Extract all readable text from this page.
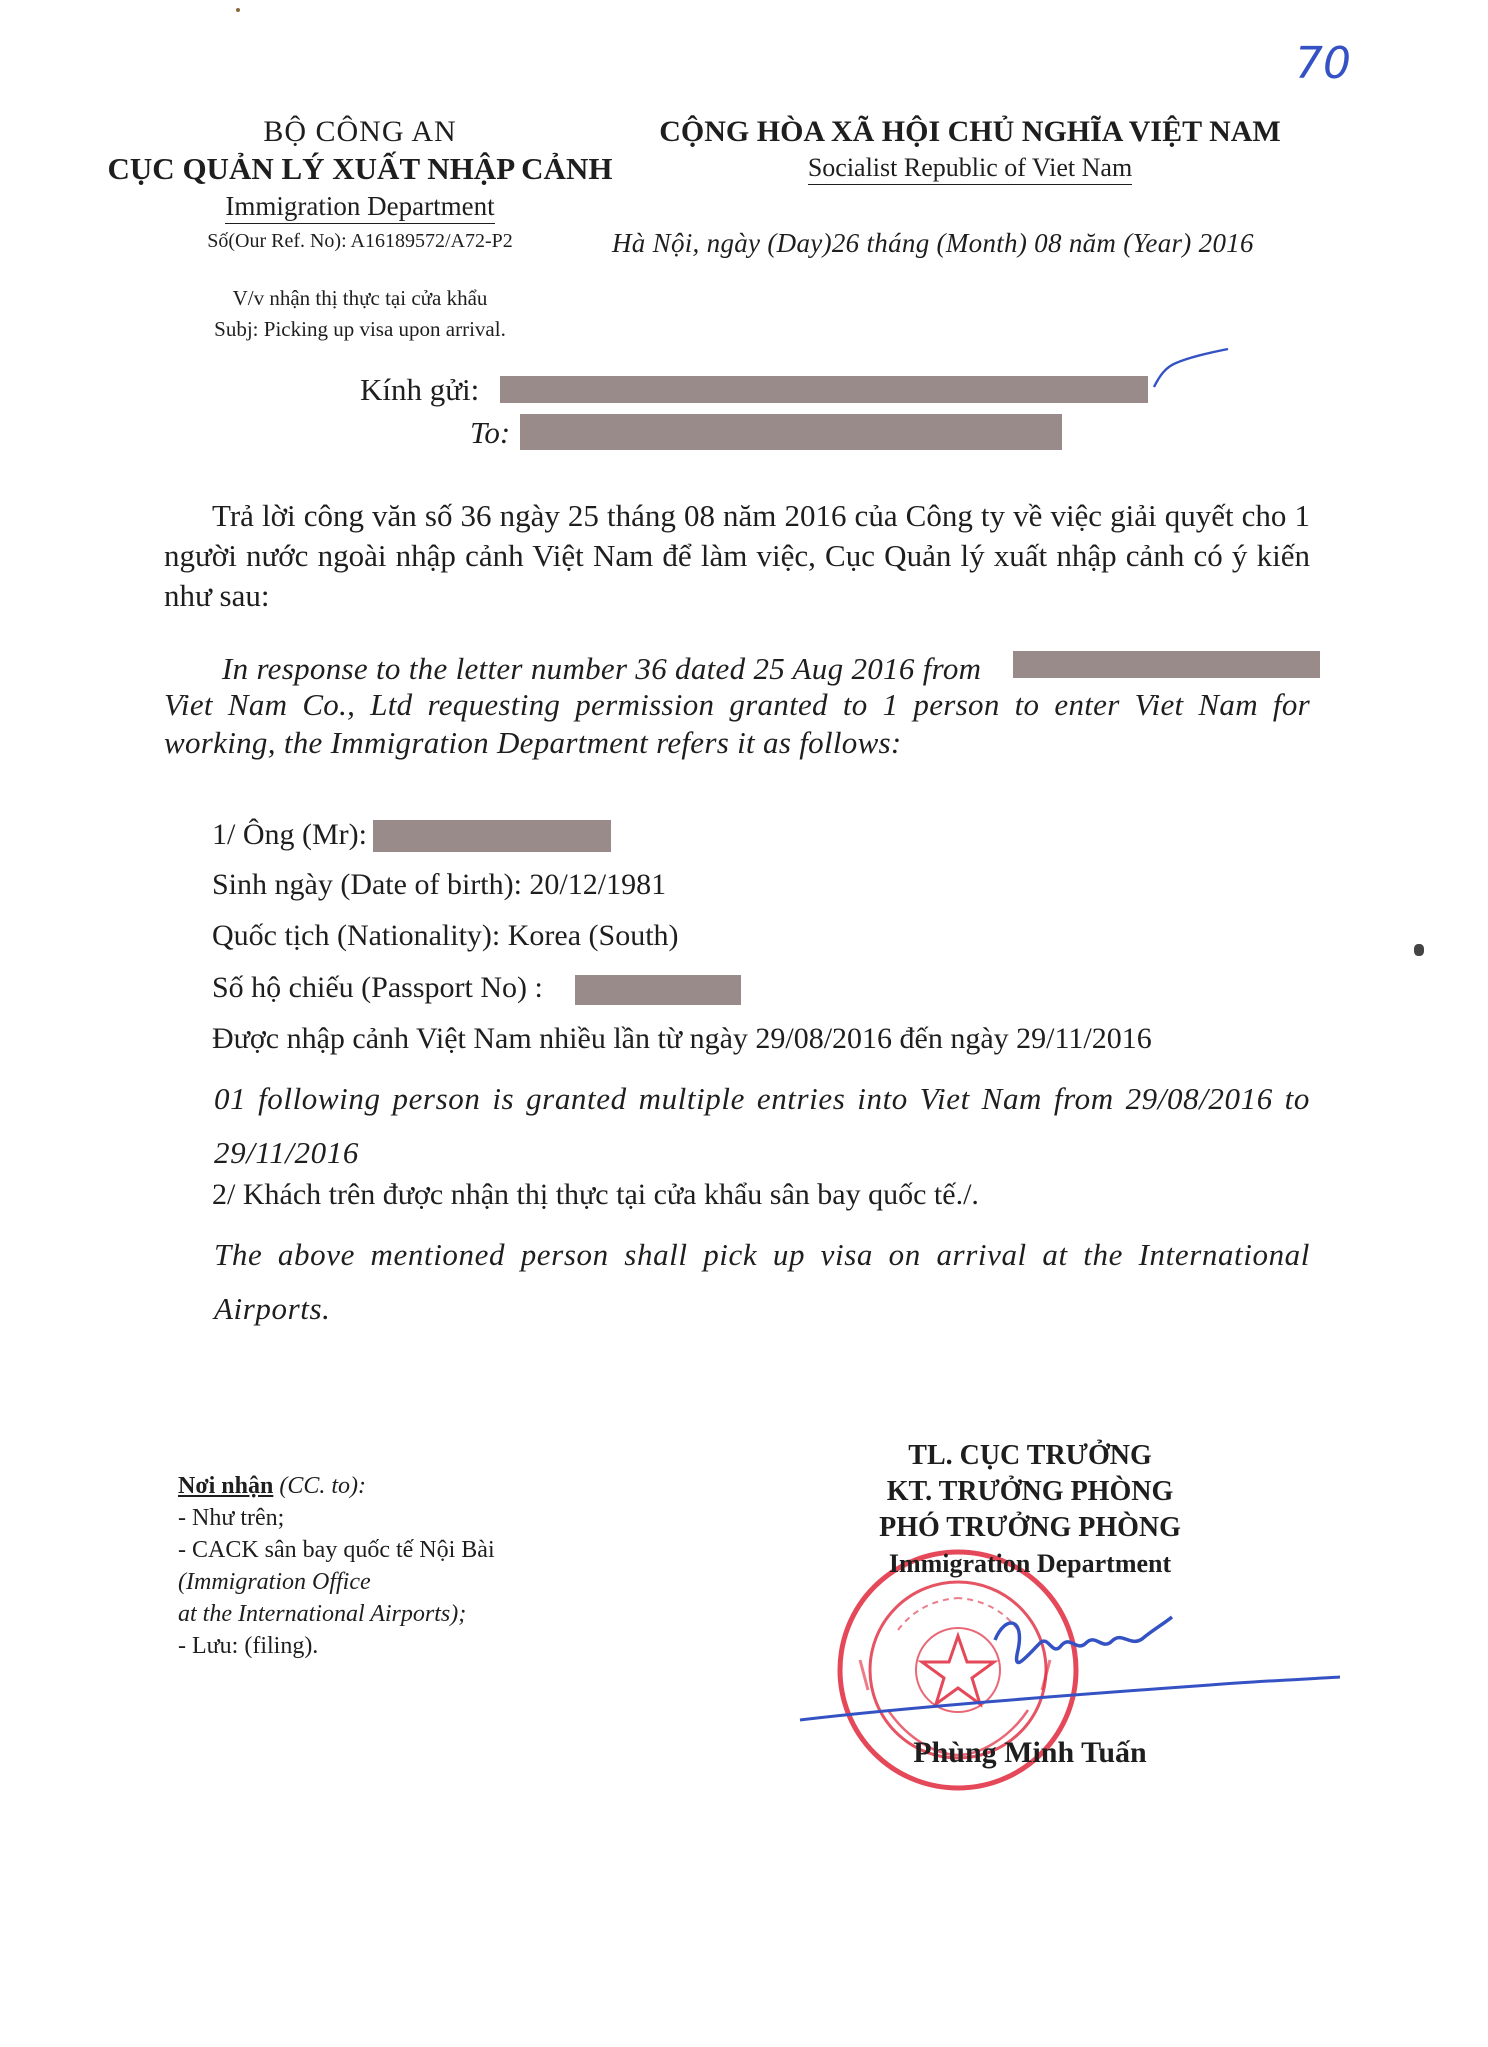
70
BỘ CÔNG AN
CỤC QUẢN LÝ XUẤT NHẬP CẢNH
Immigration Department
Số(Our Ref. No): A16189572/A72-P2
V/v nhận thị thực tại cửa khẩu
Subj: Picking up visa upon arrival.
CỘNG HÒA XÃ HỘI CHỦ NGHĨA VIỆT NAM
Socialist Republic of Viet Nam
Hà Nội, ngày (Day)26 tháng (Month) 08 năm (Year) 2016
Kính gửi:
To:
Trả lời công văn số 36 ngày 25 tháng 08 năm 2016 của Công ty về việc giải quyết cho 1 người nước ngoài nhập cảnh Việt Nam để làm việc, Cục Quản lý xuất nhập cảnh có ý kiến như sau:
In response to the letter number 36 dated 25 Aug 2016 from
Viet Nam Co., Ltd requesting permission granted to 1 person to enter Viet Nam for working, the Immigration Department refers it as follows:
1/ Ông (Mr):
Sinh ngày (Date of birth): 20/12/1981
Quốc tịch (Nationality): Korea (South)
Số hộ chiếu (Passport No) :
Được nhập cảnh Việt Nam nhiều lần từ ngày 29/08/2016 đến ngày 29/11/2016
01 following person is granted multiple entries into Viet Nam from 29/08/2016 to 29/11/2016
2/ Khách trên được nhận thị thực tại cửa khẩu sân bay quốc tế./.
The above mentioned person shall pick up visa on arrival at the International Airports.
Nơi nhận (CC. to):
- Như trên;
- CACK sân bay quốc tế Nội Bài
(Immigration Office
at the International Airports);
- Lưu: (filing).
TL. CỤC TRƯỞNG
KT. TRƯỞNG PHÒNG
PHÓ TRƯỞNG PHÒNG
Immigration Department
Phùng Minh Tuấn
